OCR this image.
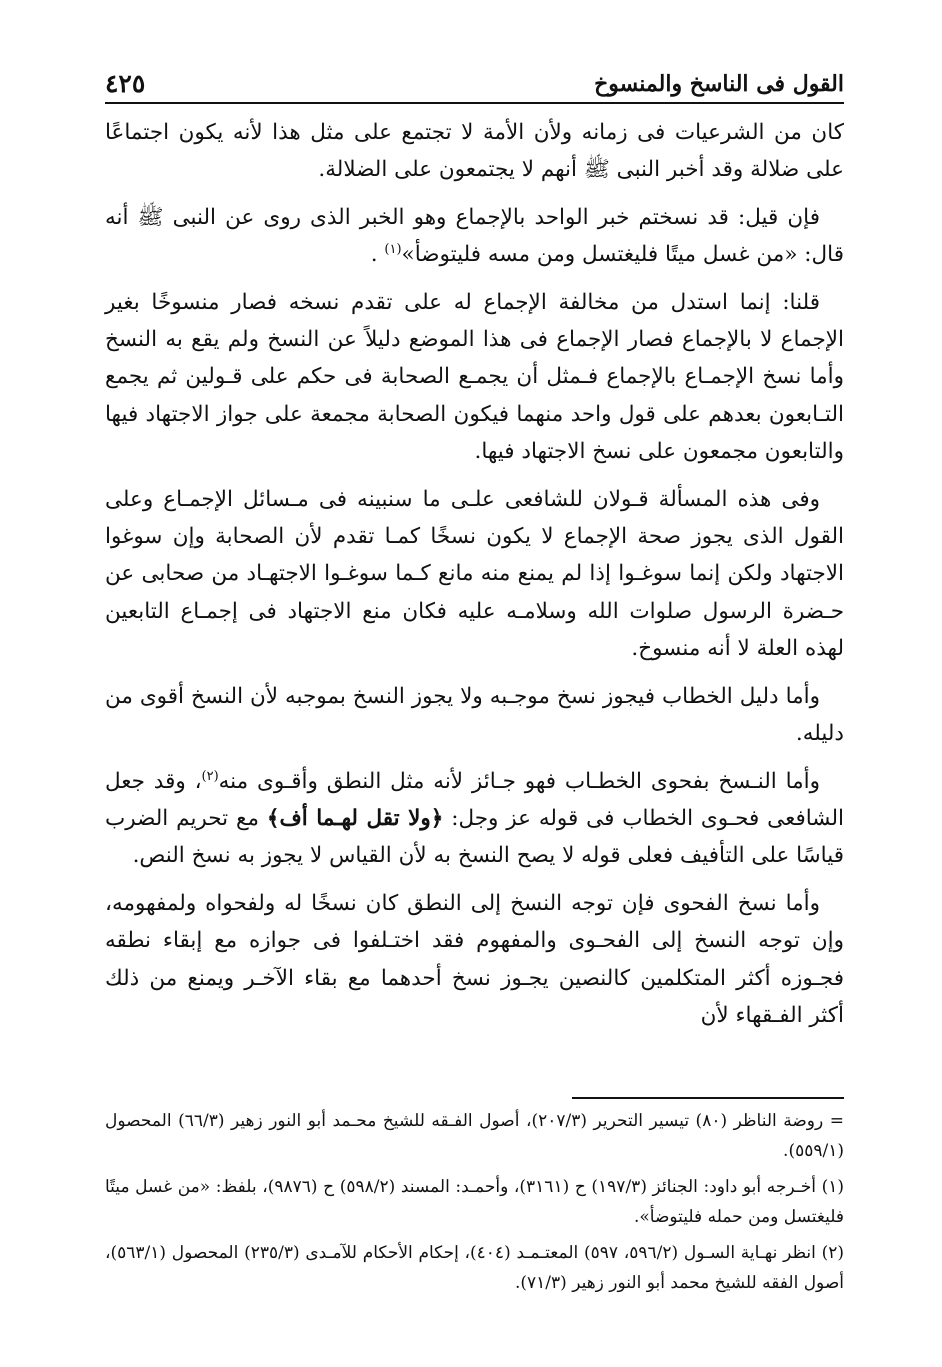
٤٢٥	القول فى الناسخ والمنسوخ

كان من الشرعيات فى زمانه ولأن الأمة لا تجتمع على مثل هذا لأنه يكون اجتماعًا على ضلالة وقد أخبر النبى ﷺ أنهم لا يجتمعون على الضلالة.

فإن قيل: قد نسختم خبر الواحد بالإجماع وهو الخبر الذى روى عن النبى ﷺ أنه قال: «من غسل ميتًا فليغتسل ومن مسه فليتوضأ»$^{(١)}$ .

قلنا: إنما استدل من مخالفة الإجماع له على تقدم نسخه فصار منسوخًا بغير الإجماع لا بالإجماع فصار الإجماع فى هذا الموضع دليلاً عن النسخ ولم يقع به النسخ وأما نسخ الإجمـاع بالإجماع فـمثل أن يجمـع الصحابة فى حكم على قـولين ثم يجمع التـابعون بعدهم على قول واحد منهما فيكون الصحابة مجمعة على جواز الاجتهاد فيها والتابعون مجمعون على نسخ الاجتهاد فيها.

وفى هذه المسألة قـولان للشافعى علـى ما سنبينه فى مـسائل الإجمـاع وعلى القول الذى يجوز صحة الإجماع لا يكون نسخًا كمـا تقدم لأن الصحابة وإن سوغوا الاجتهاد ولكن إنما سوغـوا إذا لم يمنع منه مانع كـما سوغـوا الاجتهـاد من صحابى عن حـضرة الرسول صلوات الله وسلامـه عليه فكان منع الاجتهاد فى إجمـاع التابعين لهذه العلة لا أنه منسوخ.

وأما دليل الخطاب فيجوز نسخ موجـبه ولا يجوز النسخ بموجبه لأن النسخ أقوى من دليله.

وأما النـسخ بفحوى الخطـاب فهو جـائز لأنه مثل النطق وأقـوى منه$^{(٢)}$، وقد جعل الشافعى فحـوى الخطاب فى قوله عز وجل: ﴿ولا تقل لهـما أف﴾ مع تحريم الضرب قياسًا على التأفيف فعلى قوله لا يصح النسخ به لأن القياس لا يجوز به نسخ النص.

وأما نسخ الفحوى فإن توجه النسخ إلى النطق كان نسخًا له ولفحواه ولمفهومه، وإن توجه النسخ إلى الفحـوى والمفهوم فقد اختـلفوا فى جوازه مع إبقاء نطقه فجـوزه أكثر المتكلمين كالنصين يجـوز نسخ أحدهما مع بقاء الآخـر ويمنع من ذلك أكثر الفـقهاء لأن

= روضة الناظر (٨٠) تيسير التحرير (٢٠٧/٣)، أصول الفـقه للشيخ محـمد أبو النور زهير (٦٦/٣) المحصول (٥٥٩/١).

(١) أخـرجه أبو داود: الجنائز (١٩٧/٣) ح (٣١٦١)، وأحمـد: المسند (٥٩٨/٢) ح (٩٨٧٦)، بلفظ: «من غسل ميتًا فليغتسل ومن حمله فليتوضأ».

(٢) انظر نهـاية السـول (٥٩٦/٢، ٥٩٧) المعتـمـد (٤٠٤)، إحكام الأحكام للآمـدى (٢٣٥/٣) المحصول (٥٦٣/١)، أصول الفقه للشيخ محمد أبو النور زهير (٧١/٣).
